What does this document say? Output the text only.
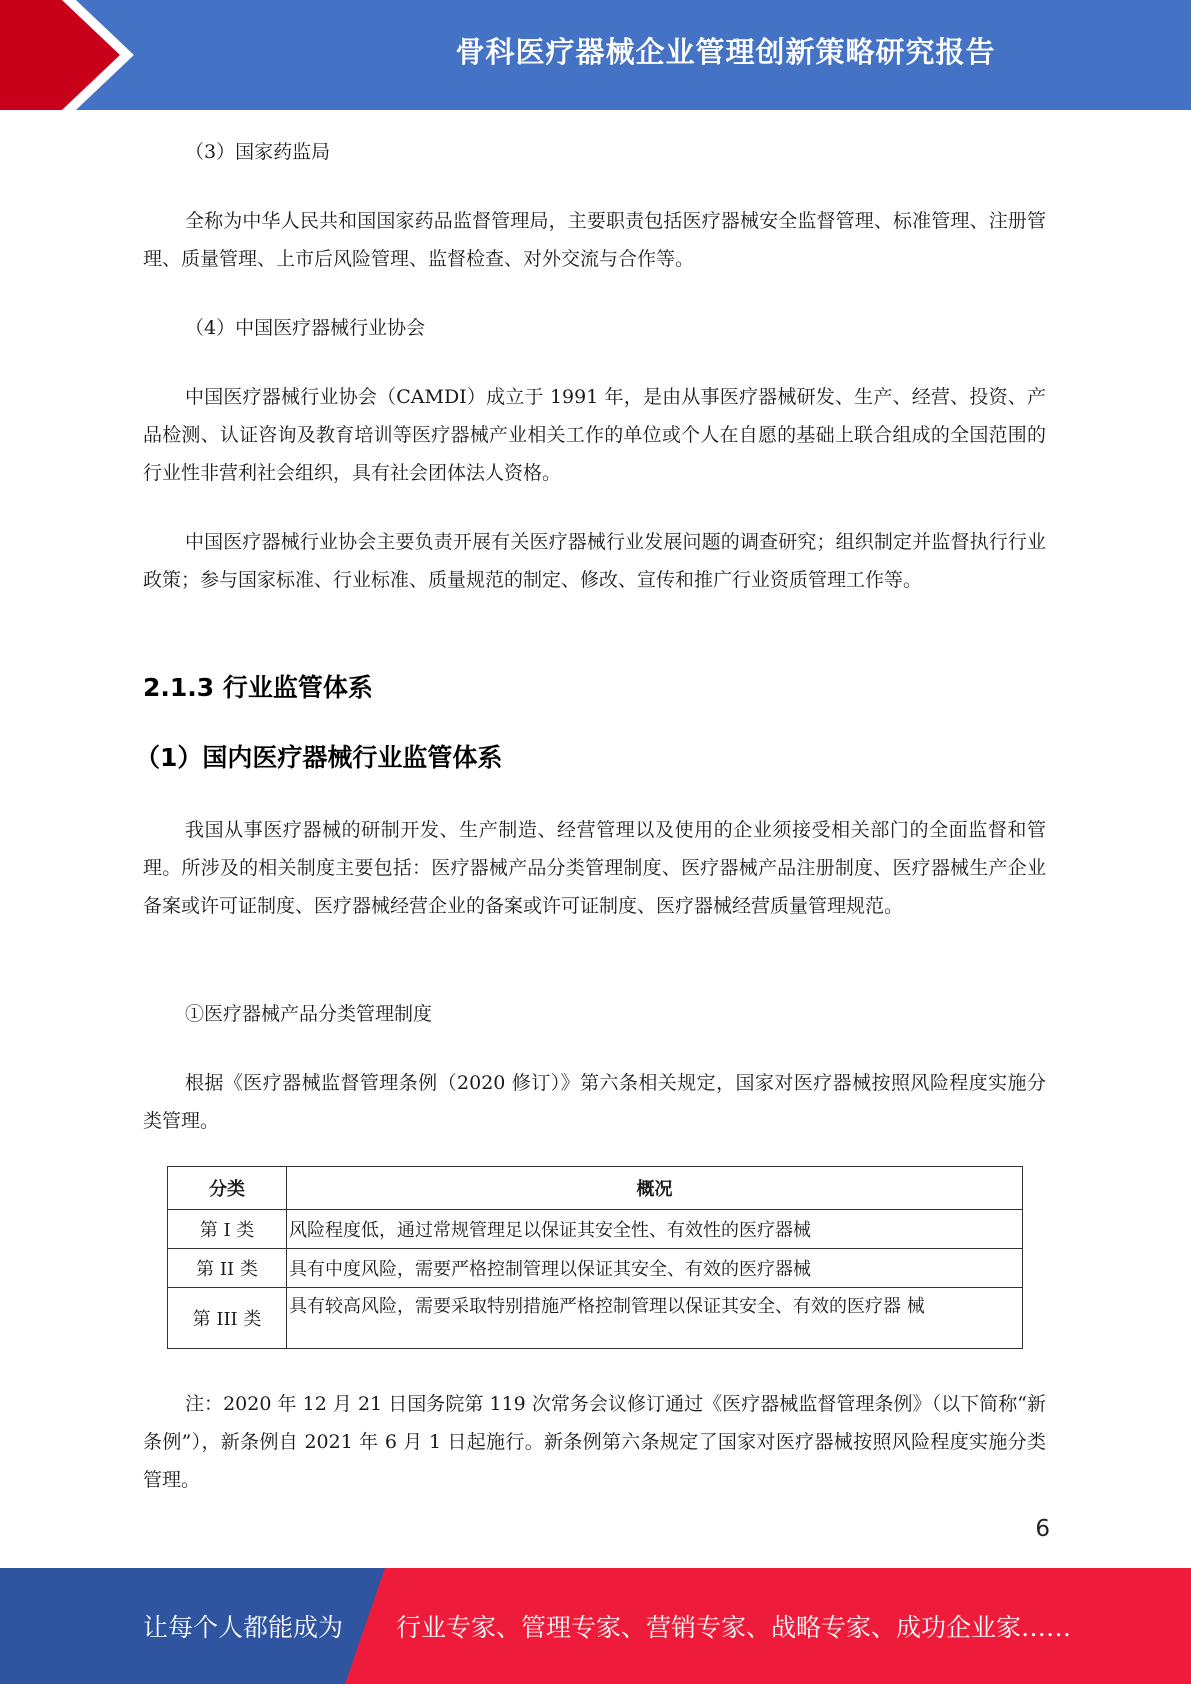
骨科医疗器械企业管理创新策略研究报告

（3）国家药监局

全称为中华人民共和国国家药品监督管理局，主要职责包括医疗器械安全监督管理、标准管理、注册管理、质量管理、上市后风险管理、监督检查、对外交流与合作等。

（4）中国医疗器械行业协会

中国医疗器械行业协会（CAMDI）成立于 1991 年，是由从事医疗器械研发、生产、经营、投资、产品检测、认证咨询及教育培训等医疗器械产业相关工作的单位或个人在自愿的基础上联合组成的全国范围的行业性非营利社会组织，具有社会团体法人资格。

中国医疗器械行业协会主要负责开展有关医疗器械行业发展问题的调查研究；组织制定并监督执行行业政策；参与国家标准、行业标准、质量规范的制定、修改、宣传和推广行业资质管理工作等。

2.1.3 行业监管体系
（1）国内医疗器械行业监管体系

我国从事医疗器械的研制开发、生产制造、经营管理以及使用的企业须接受相关部门的全面监督和管理。所涉及的相关制度主要包括：医疗器械产品分类管理制度、医疗器械产品注册制度、医疗器械生产企业备案或许可证制度、医疗器械经营企业的备案或许可证制度、医疗器械经营质量管理规范。

①医疗器械产品分类管理制度

根据《医疗器械监督管理条例（2020 修订）》第六条相关规定，国家对医疗器械按照风险程度实施分类管理。

分类	概况
第 I 类	风险程度低，通过常规管理足以保证其安全性、有效性的医疗器械
第 II 类	具有中度风险，需要严格控制管理以保证其安全、有效的医疗器械
第 III 类	具有较高风险，需要采取特别措施严格控制管理以保证其安全、有效的医疗器 械

注：2020 年 12 月 21 日国务院第 119 次常务会议修订通过《医疗器械监督管理条例》（以下简称“新条例”），新条例自 2021 年 6 月 1 日起施行。新条例第六条规定了国家对医疗器械按照风险程度实施分类管理。

6
让每个人都能成为 行业专家、管理专家、营销专家、战略专家、成功企业家……
